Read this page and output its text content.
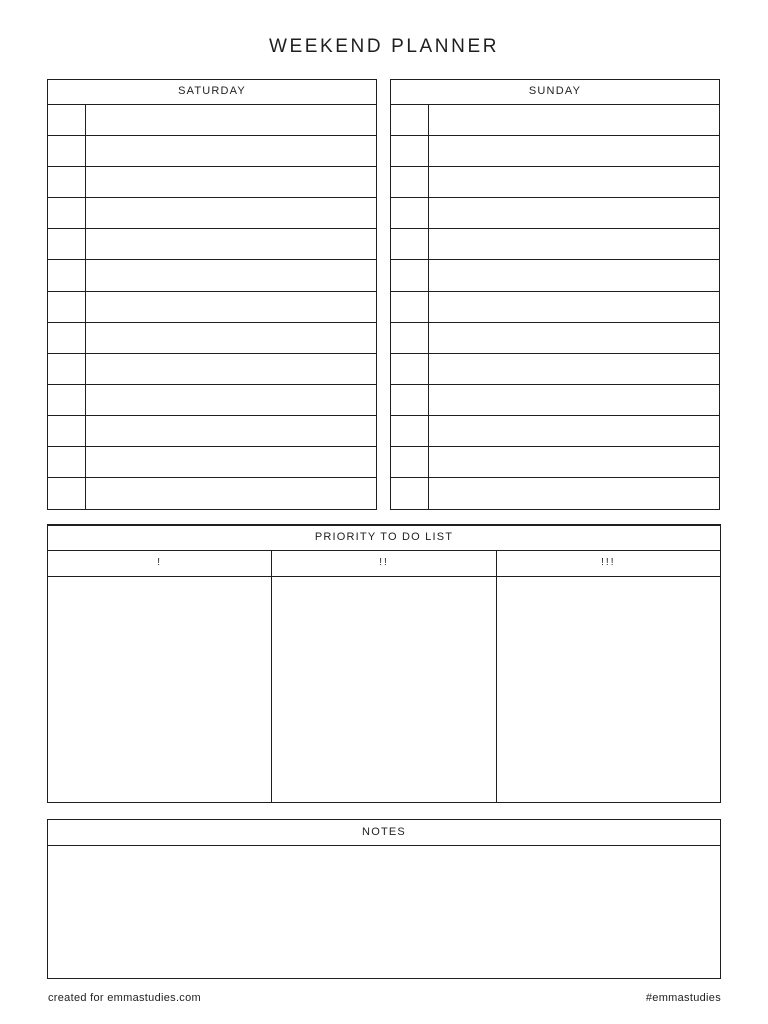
WEEKEND PLANNER
SATURDAY	SUNDAY
PRIORITY TO DO LIST
!	!!	!!!
NOTES
created for emmastudies.com	#emmastudies
